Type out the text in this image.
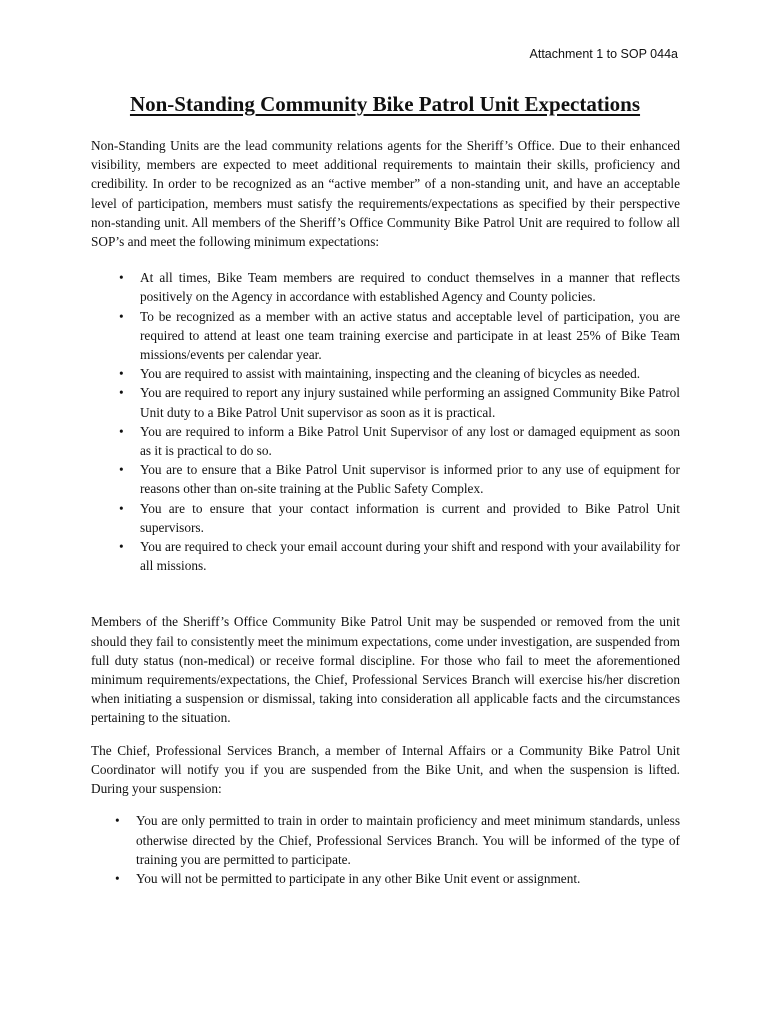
Attachment 1 to SOP 044a
Non-Standing Community Bike Patrol Unit Expectations

Non-Standing Units are the lead community relations agents for the Sheriff’s Office. Due to their enhanced visibility, members are expected to meet additional requirements to maintain their skills, proficiency and credibility. In order to be recognized as an “active member” of a non-standing unit, and have an acceptable level of participation, members must satisfy the requirements/expectations as specified by their perspective non-standing unit. All members of the Sheriff’s Office Community Bike Patrol Unit are required to follow all SOP’s and meet the following minimum expectations:

• At all times, Bike Team members are required to conduct themselves in a manner that reflects positively on the Agency in accordance with established Agency and County policies.
• To be recognized as a member with an active status and acceptable level of participation, you are required to attend at least one team training exercise and participate in at least 25% of Bike Team missions/events per calendar year.
• You are required to assist with maintaining, inspecting and the cleaning of bicycles as needed.
• You are required to report any injury sustained while performing an assigned Community Bike Patrol Unit duty to a Bike Patrol Unit supervisor as soon as it is practical.
• You are required to inform a Bike Patrol Unit Supervisor of any lost or damaged equipment as soon as it is practical to do so.
• You are to ensure that a Bike Patrol Unit supervisor is informed prior to any use of equipment for reasons other than on-site training at the Public Safety Complex.
• You are to ensure that your contact information is current and provided to Bike Patrol Unit supervisors.
• You are required to check your email account during your shift and respond with your availability for all missions.

Members of the Sheriff’s Office Community Bike Patrol Unit may be suspended or removed from the unit should they fail to consistently meet the minimum expectations, come under investigation, are suspended from full duty status (non-medical) or receive formal discipline. For those who fail to meet the aforementioned minimum requirements/expectations, the Chief, Professional Services Branch will exercise his/her discretion when initiating a suspension or dismissal, taking into consideration all applicable facts and the circumstances pertaining to the situation.

The Chief, Professional Services Branch, a member of Internal Affairs or a Community Bike Patrol Unit Coordinator will notify you if you are suspended from the Bike Unit, and when the suspension is lifted. During your suspension:

• You are only permitted to train in order to maintain proficiency and meet minimum standards, unless otherwise directed by the Chief, Professional Services Branch. You will be informed of the type of training you are permitted to participate.
• You will not be permitted to participate in any other Bike Unit event or assignment.
